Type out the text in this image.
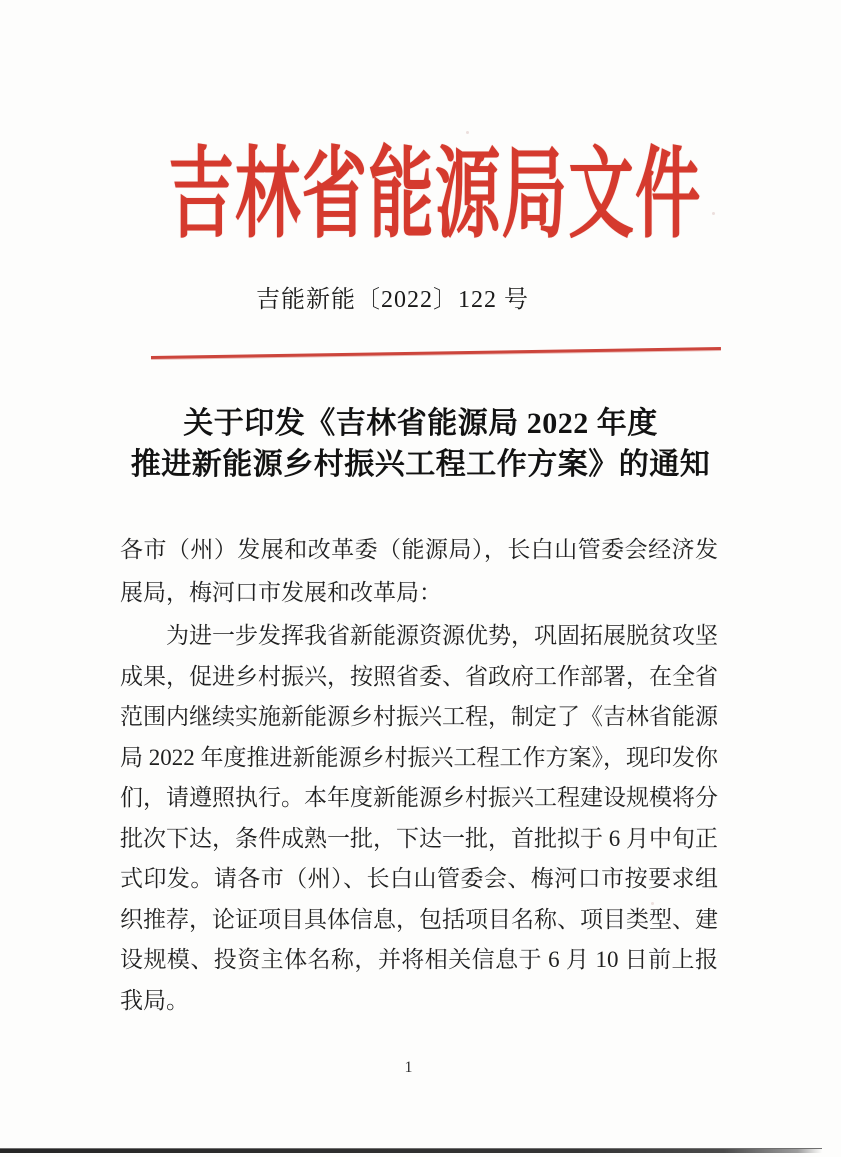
吉林省能源局文件
吉能新能〔2022〕122 号
关于印发《吉林省能源局 2022 年度
推进新能源乡村振兴工程工作方案》的通知
各市（州）发展和改革委（能源局），长白山管委会经济发
展局，梅河口市发展和改革局：
为进一步发挥我省新能源资源优势，巩固拓展脱贫攻坚
成果，促进乡村振兴，按照省委、省政府工作部署，在全省
范围内继续实施新能源乡村振兴工程，制定了《吉林省能源
局 2022 年度推进新能源乡村振兴工程工作方案》，现印发你
们，请遵照执行。本年度新能源乡村振兴工程建设规模将分
批次下达，条件成熟一批，下达一批，首批拟于 6 月中旬正
式印发。请各市（州）、长白山管委会、梅河口市按要求组
织推荐，论证项目具体信息，包括项目名称、项目类型、建
设规模、投资主体名称，并将相关信息于 6 月 10 日前上报
我局。
1
